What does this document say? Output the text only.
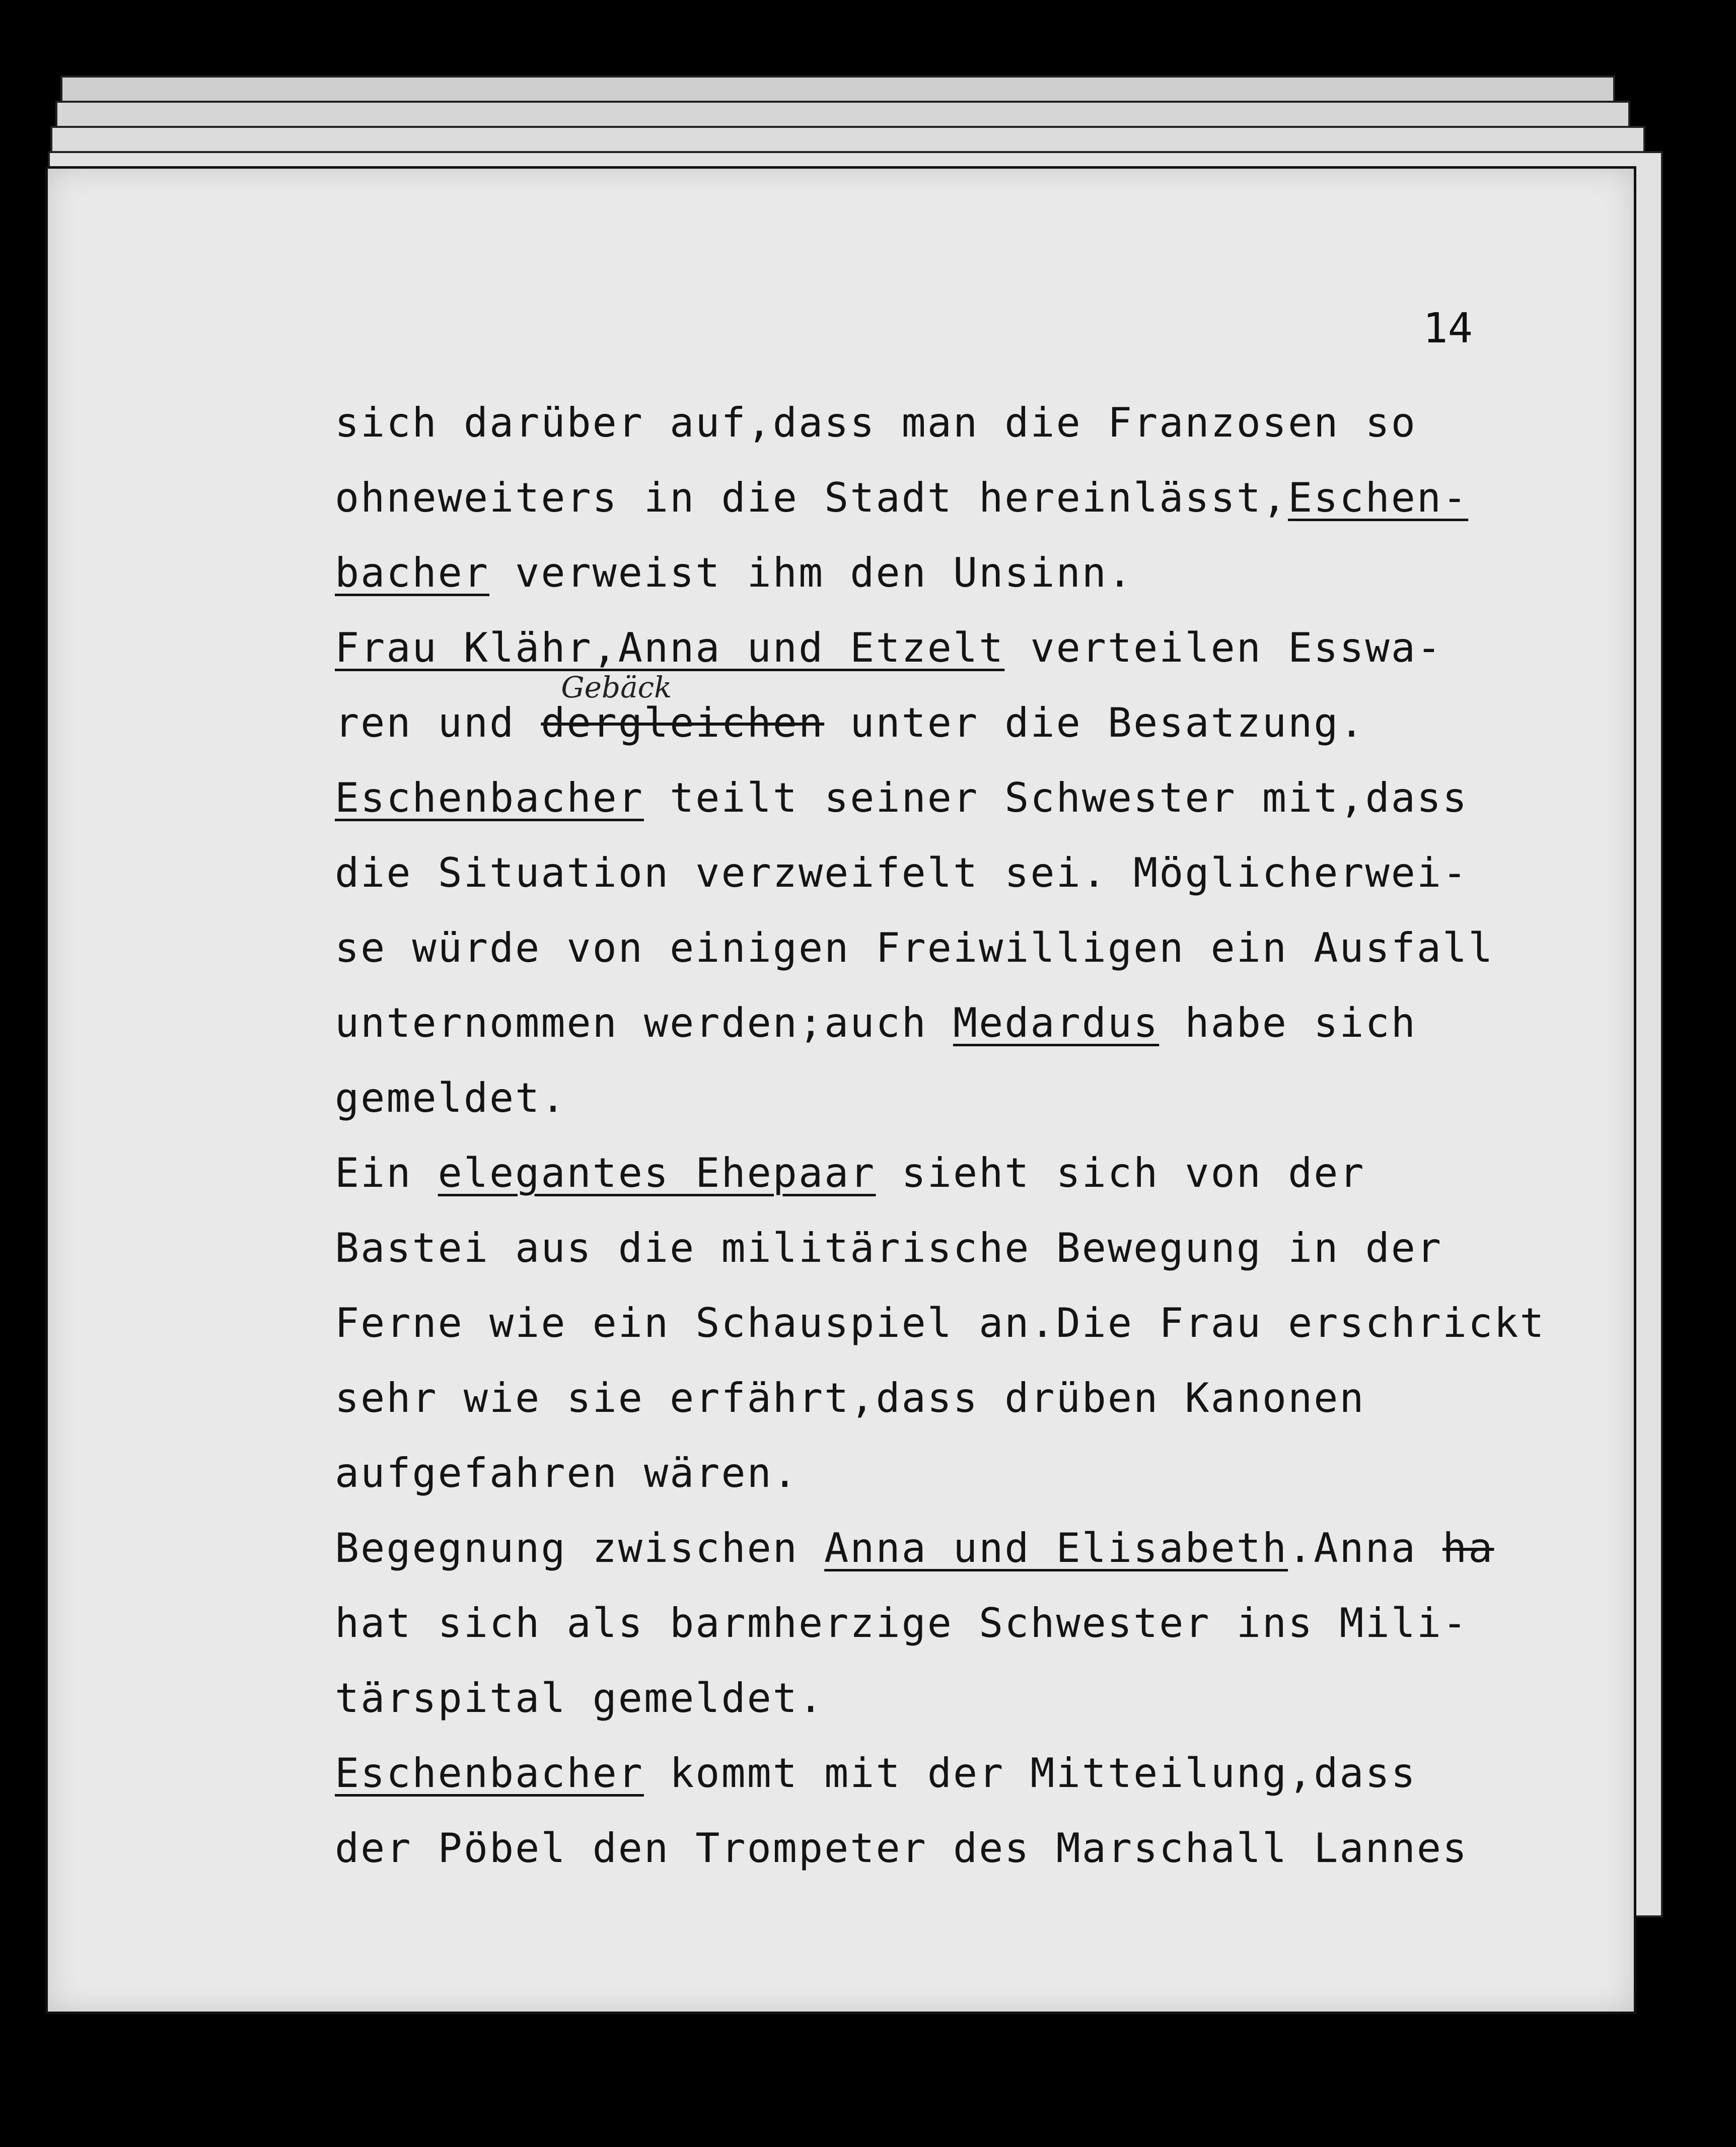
14
sich darüber auf,dass man die Franzosen so
ohneweiters in die Stadt hereinlässt,Eschen-
bacher verweist ihm den Unsinn.
Frau Klähr,Anna und Etzelt verteilen Esswa-
ren und
Gebäck
dergleichen unter die Besatzung.
Eschenbacher teilt seiner Schwester mit,dass
die Situation verzweifelt sei. Möglicherwei-
se würde von einigen Freiwilligen ein Ausfall
unternommen werden;auch Medardus habe sich
gemeldet.
Ein elegantes Ehepaar sieht sich von der
Bastei aus die militärische Bewegung in der
Ferne wie ein Schauspiel an.Die Frau erschrickt
sehr wie sie erfährt,dass drüben Kanonen
aufgefahren wären.
Begegnung zwischen Anna und Elisabeth.Anna ha
hat sich als barmherzige Schwester ins Mili-
tärspital gemeldet.
Eschenbacher kommt mit der Mitteilung,dass
der Pöbel den Trompeter des Marschall Lannes
